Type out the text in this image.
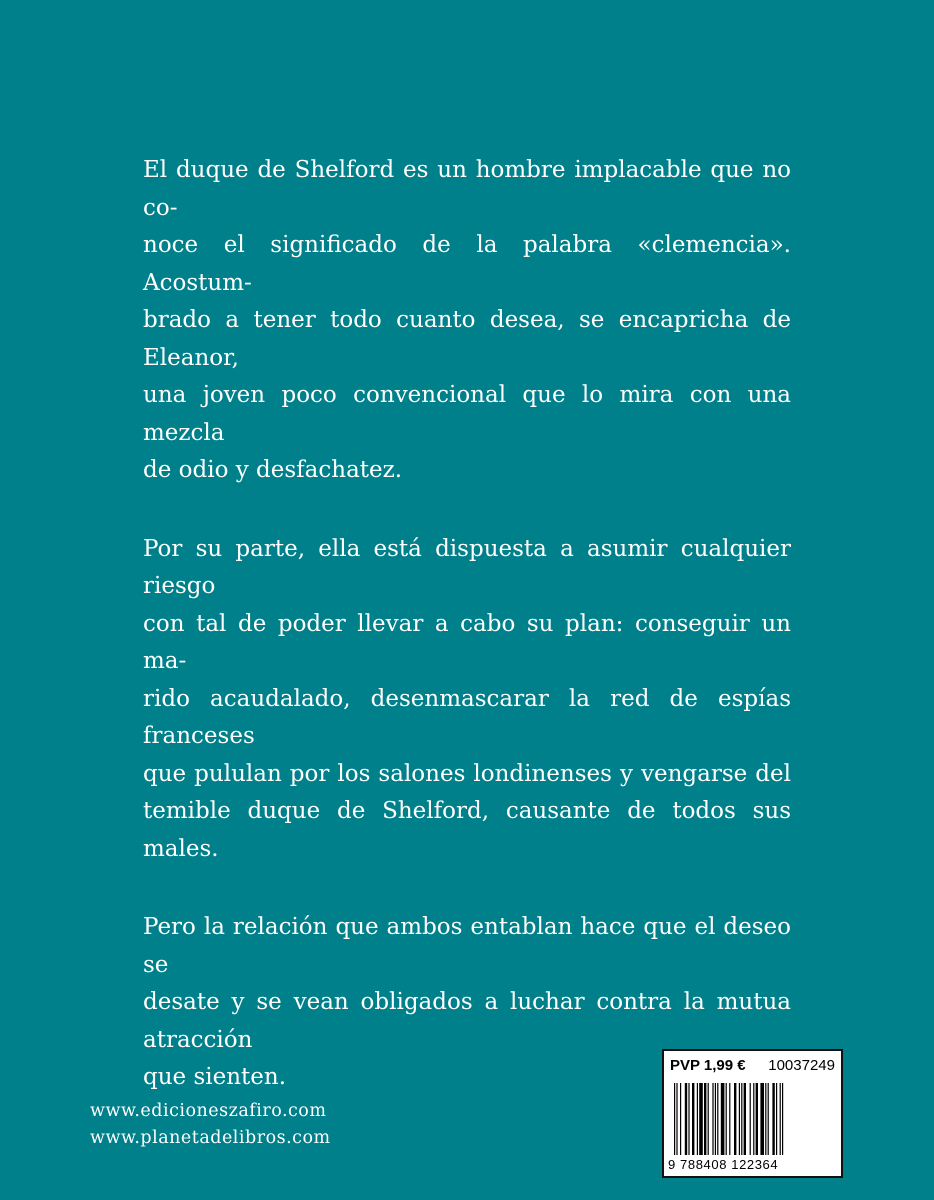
El duque de Shelford es un hombre implacable que no co-
noce el significado de la palabra «clemencia». Acostum-
brado a tener todo cuanto desea, se encapricha de Eleanor,
una joven poco convencional que lo mira con una mezcla
de odio y desfachatez.

Por su parte, ella está dispuesta a asumir cualquier riesgo
con tal de poder llevar a cabo su plan: conseguir un ma-
rido acaudalado, desenmascarar la red de espías franceses
que pululan por los salones londinenses y vengarse del
temible duque de Shelford, causante de todos sus males.

Pero la relación que ambos entablan hace que el deseo se
desate y se vean obligados a luchar contra la mutua atracción
que sienten.

www.edicioneszafiro.com
www.planetadelibros.com
PVP 1,99 € 10037249
9 788408 122364
